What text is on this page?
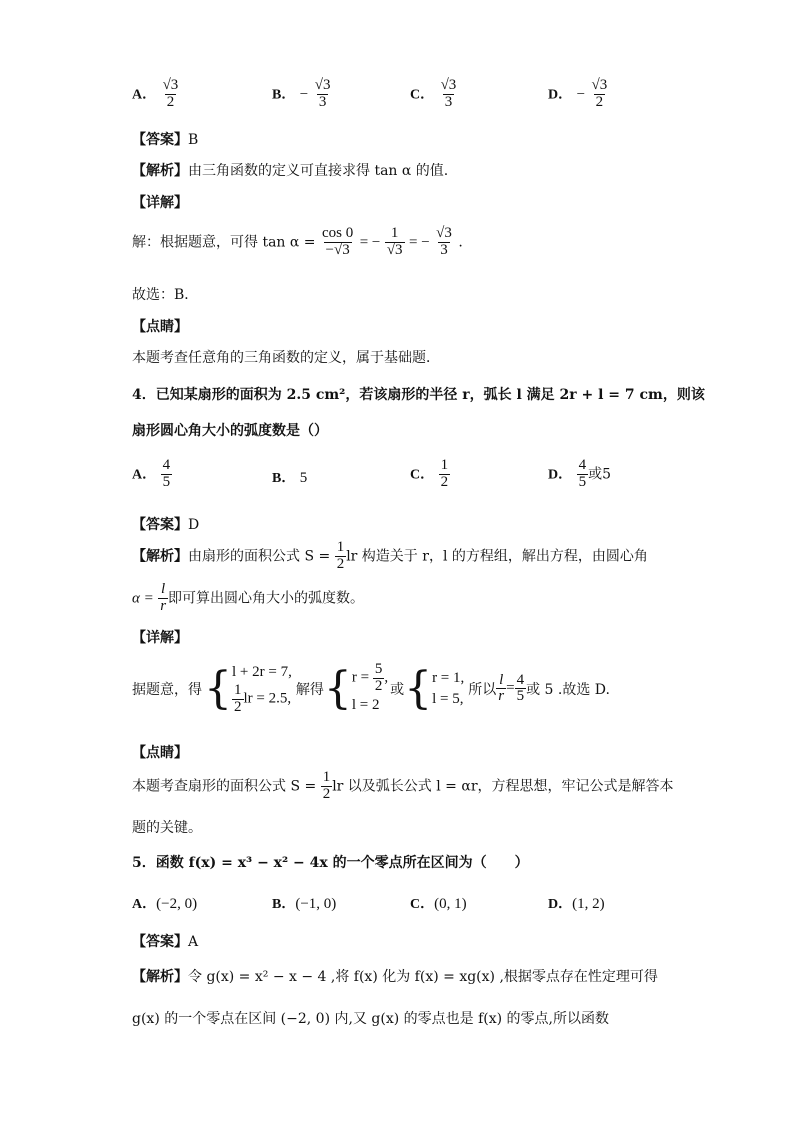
A． $\frac{√3}{2}$	B． − $\frac{√3}{3}$	C． $\frac{√3}{3}$	D． − $\frac{√3}{2}$
【答案】B
【解析】由三角函数的定义可直接求得 tan α 的值.
【详解】
解：根据题意，可得 $\tan \alpha = \frac{\cos 0}{-√3}$ = − $\frac{1}{√3}$ = − $\frac{√3}{3}$ .
故选：B．
【点睛】
本题考查任意角的三角函数的定义，属于基础题．
4．已知某扇形的面积为 2.5 cm²，若该扇形的半径 r，弧长 l 满足 2r + l = 7 cm，则该
扇形圆心角大小的弧度数是（）
A． $\frac{4}{5}$	B． 5	C． $\frac{1}{2}$	D． $\frac{4}{5}$ 或5
【答案】D
【解析】由扇形的面积公式 $S = \frac{1}{2}$ lr 构造关于 r，l 的方程组，解出方程，由圆心角
$\alpha = \frac{l}{r}$ 即可算出圆心角大小的弧度数。
【详解】
据题意，得 { l + 2r = 7,
$\frac{1}{2}$ lr = 2.5,
解得 { $r = \frac{5}{2}$ ,
l = 2
或 { r = 1,
l = 5,
所以 $\frac{l}{r} = \frac{4}{5}$ 或 5 .故选 D.
【点睛】
本题考查扇形的面积公式 $S = \frac{1}{2}$ lr 以及弧长公式 l = αr，方程思想，牢记公式是解答本
题的关键。
5．函数 f(x) = x³ − x² − 4x 的一个零点所在区间为（　　）
A．(−2, 0)	B．(−1, 0)	C．(0, 1)	D．(1, 2)
【答案】A
【解析】令 g(x) = x² − x − 4 ,将 f(x) 化为 f(x) = xg(x) ,根据零点存在性定理可得
g(x) 的一个零点在区间 (−2, 0) 内,又 g(x) 的零点也是 f(x) 的零点,所以函数
